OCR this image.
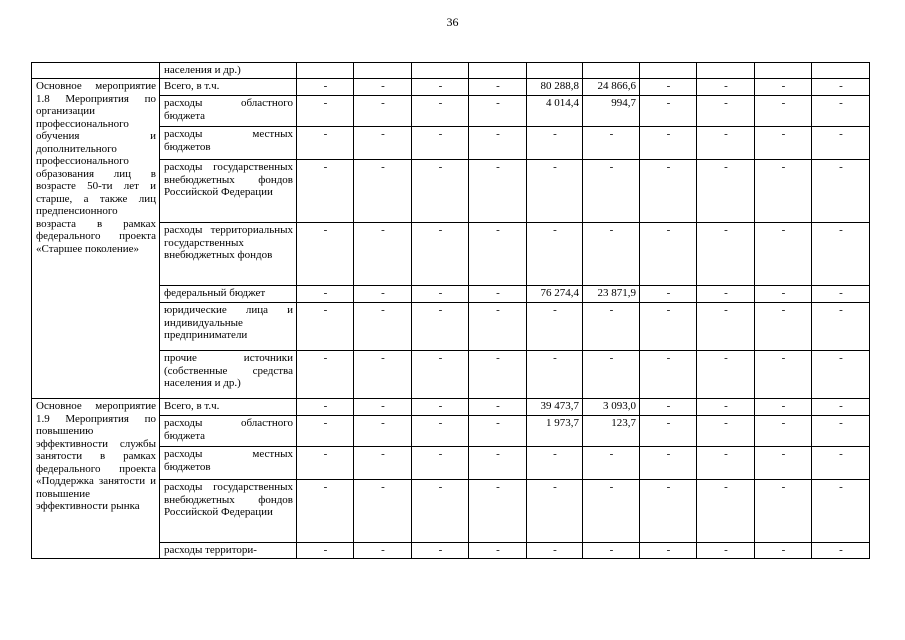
36
	населения и др.)										
Основное мероприятие 1.8 Мероприятия по организации профессионального обучения и дополнительного профессионального образования лиц в возрасте 50-ти лет и старше, а также лиц предпенсионного возраста в рамках федерального проекта «Старшее поколение»	Всего, в т.ч.	-	-	-	-	80 288,8	24 866,6	-	-	-	-
	расходы областного бюджета	-	-	-	-	4 014,4	994,7	-	-	-	-
	расходы местных бюджетов	-	-	-	-	-	-	-	-	-	-
	расходы государственных внебюджетных фондов Российской Федерации	-	-	-	-	-	-	-	-	-	-
	расходы территориальных государственных внебюджетных фондов	-	-	-	-	-	-	-	-	-	-
	федеральный бюджет	-	-	-	-	76 274,4	23 871,9	-	-	-	-
	юридические лица и индивидуальные предприниматели	-	-	-	-	-	-	-	-	-	-
	прочие источники (собственные средства населения и др.)	-	-	-	-	-	-	-	-	-	-
Основное мероприятие 1.9 Мероприятия по повышению эффективности службы занятости в рамках федерального проекта «Поддержка занятости и повышение эффективности рынка	Всего, в т.ч.	-	-	-	-	39 473,7	3 093,0	-	-	-	-
	расходы областного бюджета	-	-	-	-	1 973,7	123,7	-	-	-	-
	расходы местных бюджетов	-	-	-	-	-	-	-	-	-	-
	расходы государственных внебюджетных фондов Российской Федерации	-	-	-	-	-	-	-	-	-	-
	расходы территори-	-	-	-	-	-	-	-	-	-	-
